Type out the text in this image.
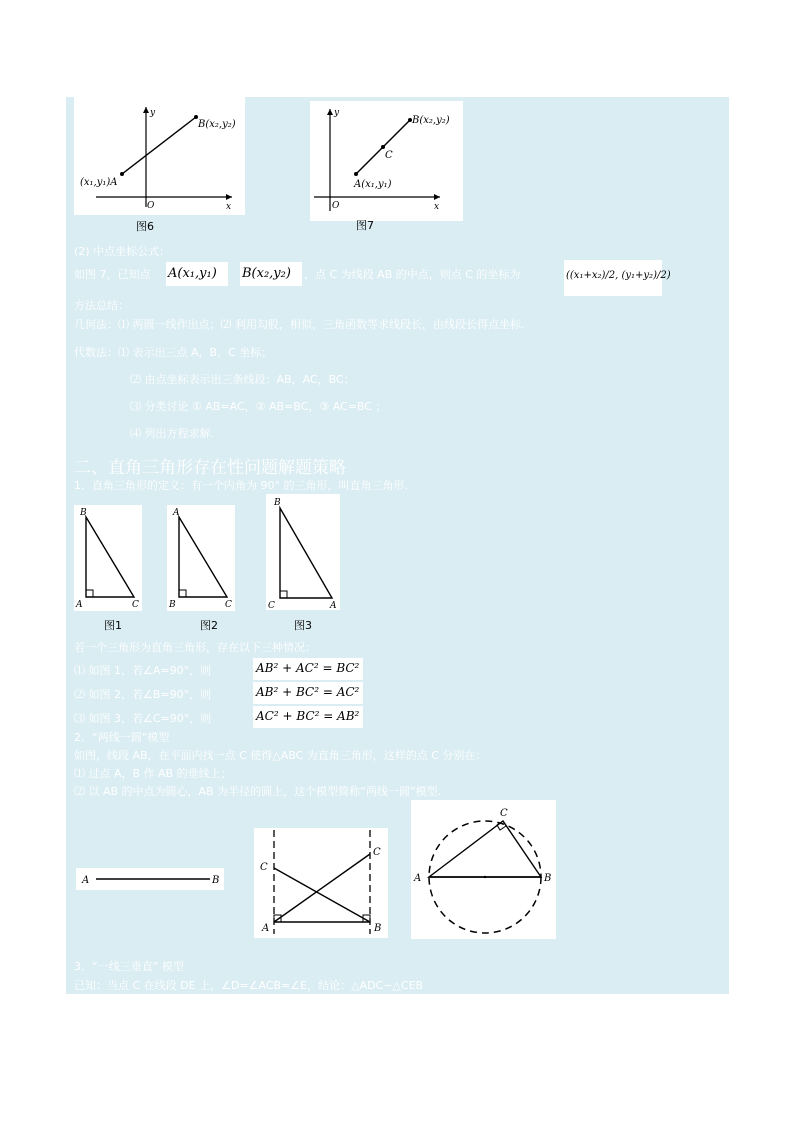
y
x
O
B(x₂,y₂)
(x₁,y₁)A
图6
y
x
O
B(x₂,y₂)
C
A(x₁,y₁)
图7
(2) 中点坐标公式：
如图 7，已知点 A(x₁,y₁) B(x₂,y₂) ，点 C 为线段 AB 的中点，则点 C 的坐标为	((x₁+x₂)/2, (y₁+y₂)/2)
方法总结：
几何法：⑴ 两圆一线作出点；⑵ 利用勾股，相似，三角函数等求线段长，由线段长得点坐标.
代数法：⑴ 表示出三点 A，B，C 坐标；
⑵ 由点坐标表示出三条线段：AB，AC，BC；
⑶ 分类讨论 ① AB=AC，② AB=BC，③ AC=BC ；
⑷ 列出方程求解.
二、直角三角形存在性问题解题策略
1．直角三角形的定义：有一个内角为 90° 的三角形，叫直角三角形.
B
A	C
A
B	C
B
C	A
图1	图2	图3
若一个三角形为直角三角形，存在以下三种情况：
⑴ 如图 1，若∠A=90°，则	AB² + AC² = BC²
⑵ 如图 2，若∠B=90°，则	AB² + BC² = AC²
⑶ 如图 3，若∠C=90°，则	AC² + BC² = AB²
2．“两线一圆”模型
如图，线段 AB，在平面内找一点 C 使得△ABC 为直角三角形，这样的点 C 分别在：
⑴ 过点 A，B 作 AB 的垂线上；
⑵ 以 AB 的中点为圆心，AB 为半径的圆上，这个模型简称“两线一圆”模型.
A	B
C
C
A	B
A	B
C
3．“一线三垂直” 模型
已知：当点 C 在线段 DE 上，∠D=∠ACB=∠E，结论：△ADC∽△CEB
